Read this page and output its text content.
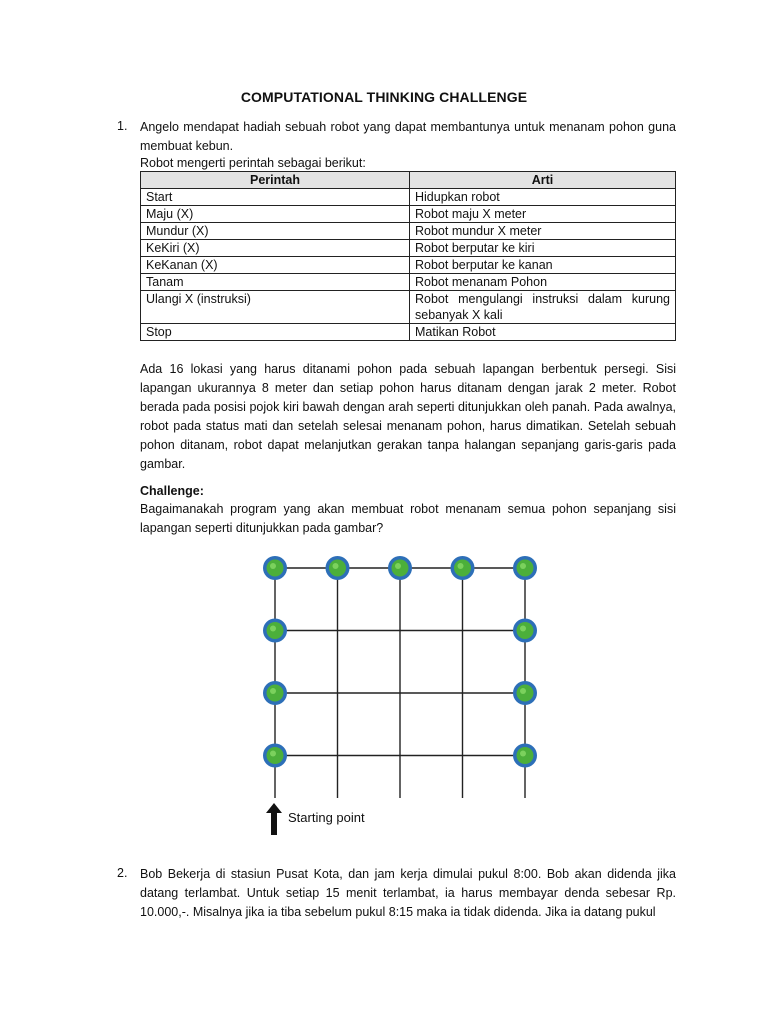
COMPUTATIONAL THINKING CHALLENGE
1. Angelo mendapat hadiah sebuah robot yang dapat membantunya untuk menanam pohon guna membuat kebun.
Robot mengerti perintah sebagai berikut:
Perintah	Arti
Start	Hidupkan robot
Maju (X)	Robot maju X meter
Mundur (X)	Robot mundur X meter
KeKiri (X)	Robot berputar ke kiri
KeKanan (X)	Robot berputar ke kanan
Tanam	Robot menanam Pohon
Ulangi X (instruksi)	Robot mengulangi instruksi dalam kurung sebanyak X kali
Stop	Matikan Robot
Ada 16 lokasi yang harus ditanami pohon pada sebuah lapangan berbentuk persegi. Sisi lapangan ukurannya 8 meter dan setiap pohon harus ditanam dengan jarak 2 meter. Robot berada pada posisi pojok kiri bawah dengan arah seperti ditunjukkan oleh panah. Pada awalnya, robot pada status mati dan setelah selesai menanam pohon, harus dimatikan. Setelah sebuah pohon ditanam, robot dapat melanjutkan gerakan tanpa halangan sepanjang garis-garis pada gambar.
Challenge:
Bagaimanakah program yang akan membuat robot menanam semua pohon sepanjang sisi lapangan seperti ditunjukkan pada gambar?
Starting point
2. Bob Bekerja di stasiun Pusat Kota, dan jam kerja dimulai pukul 8:00. Bob akan didenda jika datang terlambat. Untuk setiap 15 menit terlambat, ia harus membayar denda sebesar Rp. 10.000,-. Misalnya jika ia tiba sebelum pukul 8:15 maka ia tidak didenda. Jika ia datang pukul
